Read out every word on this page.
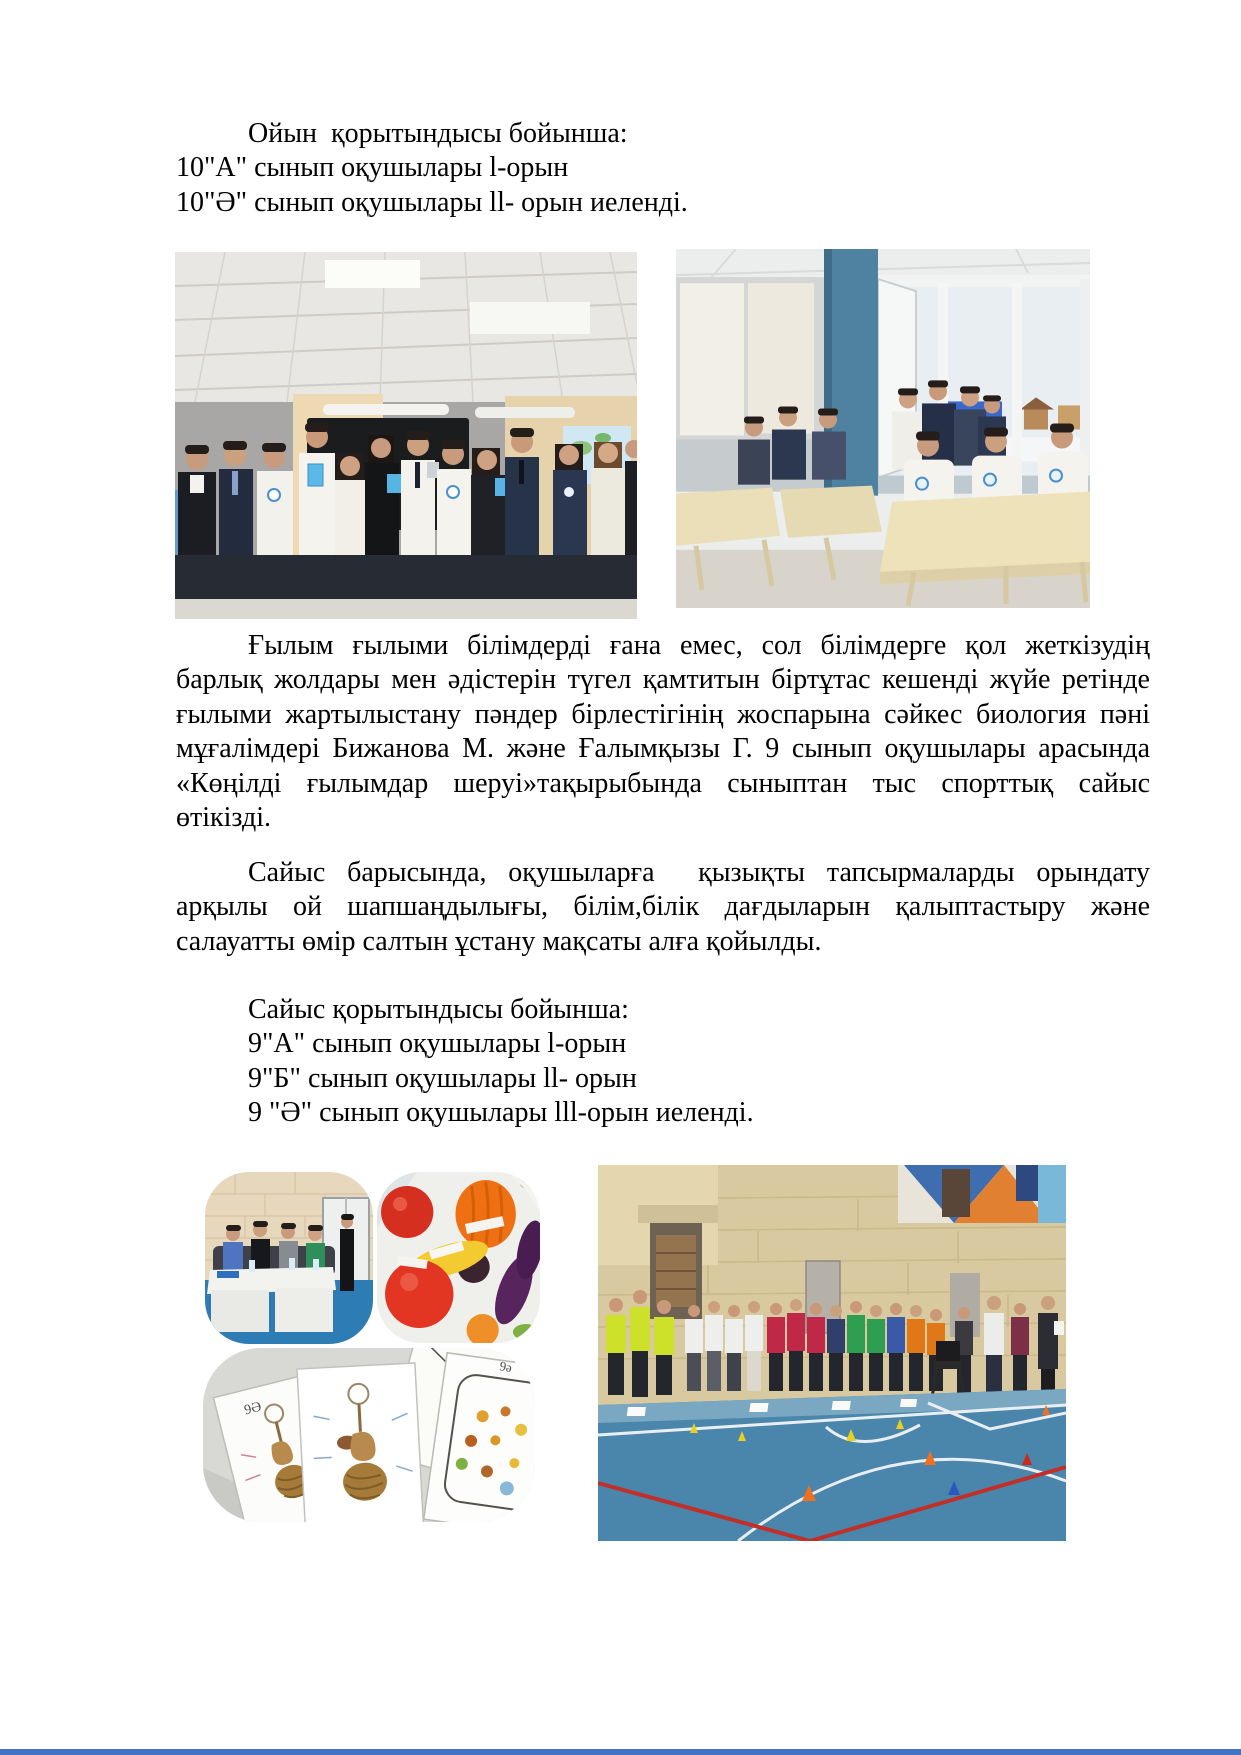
Ойын  қорытындысы бойынша:
10"А" сынып оқушылары l-орын
10"Ә" сынып оқушылары ll- орын иеленді.
Ғылым ғылыми білімдерді ғана емес, сол білімдерге қол жеткізудің
барлық жолдары мен әдістерін түгел қамтитын біртұтас кешенді жүйе ретінде
ғылыми жартылыстану пәндер бірлестігінің жоспарына сәйкес биология пәні
мұғалімдері Бижанова М. және Ғалымқызы Г. 9 сынып оқушылары арасында
«Көңілді ғылымдар шеруі»тақырыбында сыныптан тыс спорттық сайыс
өтікізді.
Сайыс барысында, оқушыларға  қызықты тапсырмаларды орындату
арқылы ой шапшаңдылығы, білім,білік дағдыларын қалыптастыру және
салауатты өмір салтын ұстану мақсаты алға қойылды.
Сайыс қорытындысы бойынша:
9"А" сынып оқушылары l-орын
9"Б" сынып оқушылары ll- орын
9 "Ә" сынып оқушылары lll-орын иеленді.
9Ә
9ә
